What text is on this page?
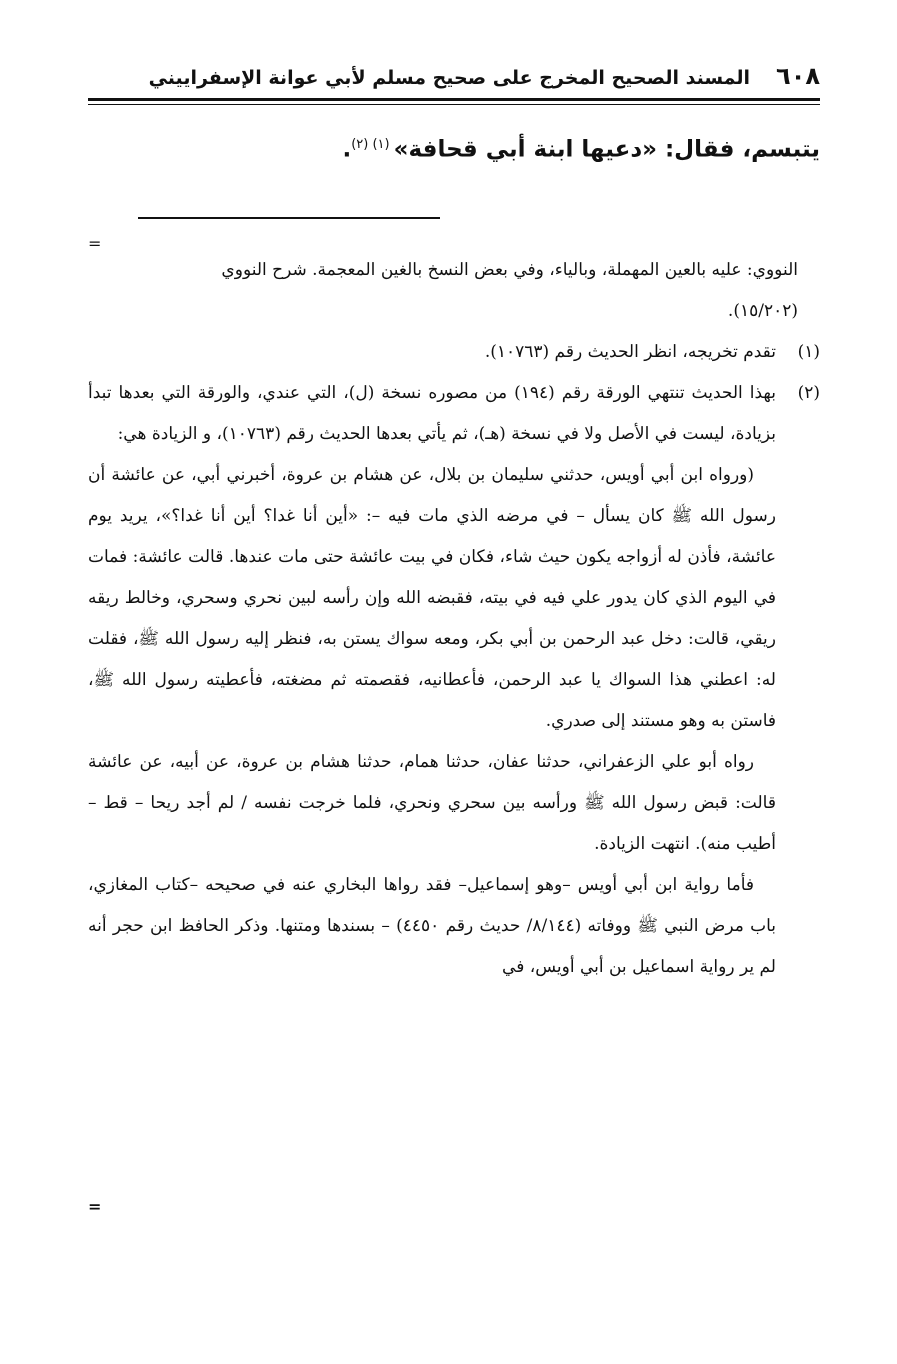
٦٠٨
المسند الصحيح المخرج على صحيح مسلم لأبي عوانة الإسفراييني
يتبسم، فقال: «دعيها ابنة أبي قحافة»$^{(١) (٢)}$.
=

النووي: عليه بالعين المهملة، وبالياء، وفي بعض النسخ بالغين المعجمة. شرح النووي

(١٥/٢٠٢).

(١)

تقدم تخريجه، انظر الحديث رقم (١٠٧٦٣).

(٢)

بهذا الحديث تنتهي الورقة رقم (١٩٤) من مصوره نسخة (ل)، التي عندي، والورقة التي بعدها تبدأ بزيادة، ليست في الأصل ولا في نسخة (هـ)، ثم يأتي بعدها الحديث رقم (١٠٧٦٣)، و الزيادة هي:

(ورواه ابن أبي أويس، حدثني سليمان بن بلال، عن هشام بن عروة، أخبرني أبي، عن عائشة أن رسول الله ﷺ كان يسأل – في مرضه الذي مات فيه –: «أين أنا غدا؟ أين أنا غدا؟»، يريد يوم عائشة، فأذن له أزواجه يكون حيث شاء، فكان في بيت عائشة حتى مات عندها. قالت عائشة: فمات في اليوم الذي كان يدور علي فيه في بيته، فقبضه الله وإن رأسه لبين نحري وسحري، وخالط ريقه ريقي، قالت: دخل عبد الرحمن بن أبي بكر، ومعه سواك يستن به، فنظر إليه رسول الله ﷺ، فقلت له: اعطني هذا السواك يا عبد الرحمن، فأعطانيه، فقصمته ثم مضغته، فأعطيته رسول الله ﷺ، فاستن به وهو مستند إلى صدري.

رواه أبو علي الزعفراني، حدثنا عفان، حدثنا همام، حدثنا هشام بن عروة، عن أبيه، عن عائشة قالت: قبض رسول الله ﷺ ورأسه بين سحري ونحري، فلما خرجت نفسه / لم أجد ريحا – قط – أطيب منه). انتهت الزيادة.

فأما رواية ابن أبي أويس –وهو إسماعيل– فقد رواها البخاري عنه في صحيحه –كتاب المغازي، باب مرض النبي ﷺ ووفاته (٨/١٤٤/ حديث رقم ٤٤٥٠) – بسندها ومتنها. وذكر الحافظ ابن حجر أنه لم ير رواية اسماعيل بن أبي أويس، في

=
